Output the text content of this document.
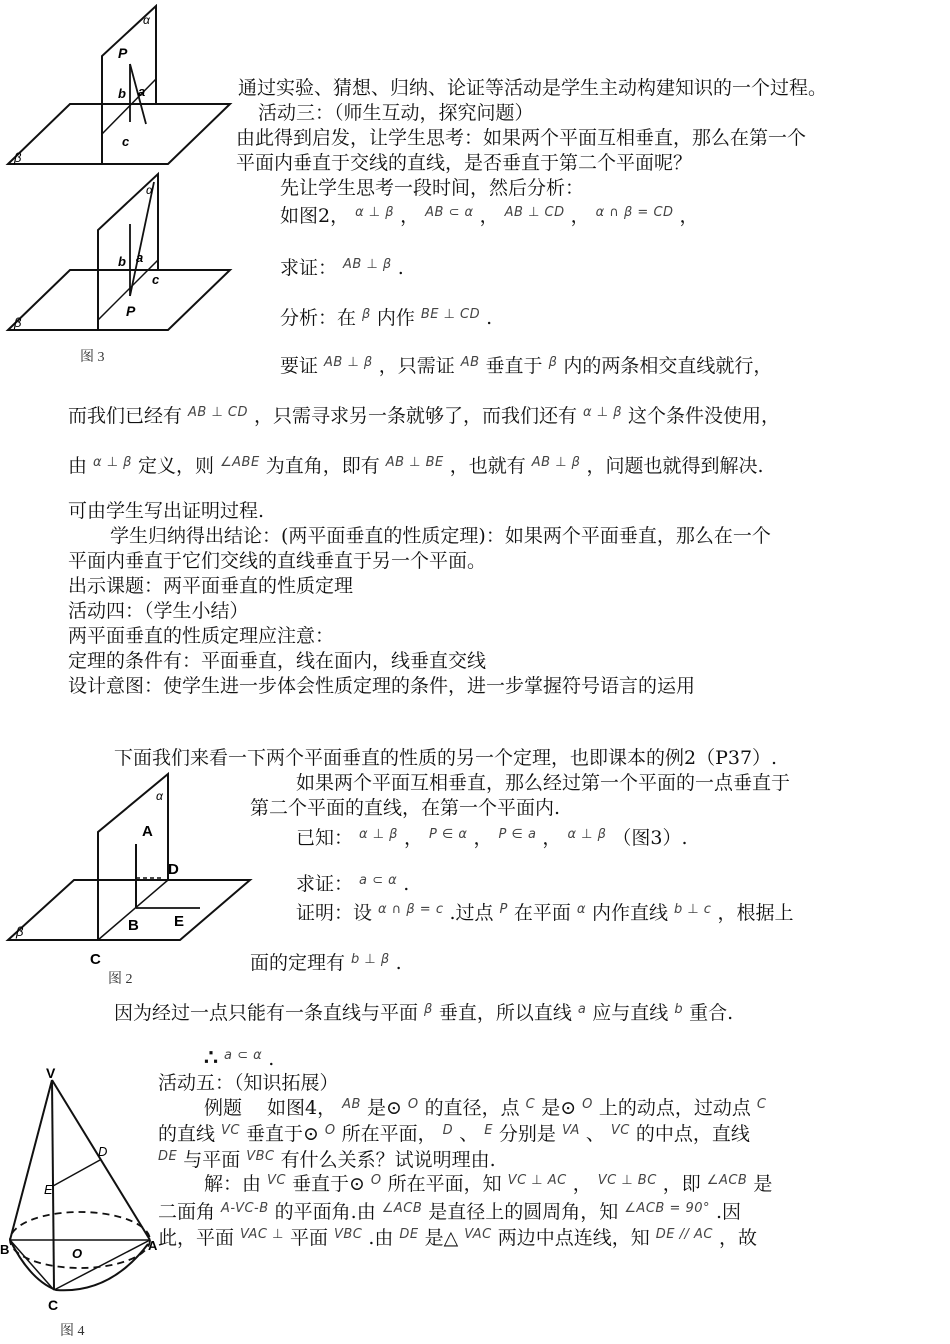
α
P
b a
c
β
α
b a
c
P
β
图 3
通过实验、猜想、归纳、论证等活动是学生主动构建知识的一个过程。
活动三：（师生互动，探究问题）
由此得到启发，让学生思考：如果两个平面互相垂直，那么在第一个
平面内垂直于交线的直线，是否垂直于第二个平面呢？
先让学生思考一段时间，然后分析：
如图2， $^{\alpha \perp \beta}$ ， $^{AB \subset \alpha}$ ， $^{AB \perp CD}$ ， $^{\alpha \cap \beta = CD}$ ，
求证： $^{AB \perp \beta}$ .
分析：在 $^\beta$ 内作 $^{BE \perp CD}$ .
要证 $^{AB \perp \beta}$ ，只需证 $^{AB}$ 垂直于 $^\beta$ 内的两条相交直线就行，
而我们已经有 $^{AB \perp CD}$ ，只需寻求另一条就够了，而我们还有 $^{\alpha \perp \beta}$ 这个条件没使用，
由 $^{\alpha \perp \beta}$ 定义，则 $^{\angle ABE}$ 为直角，即有 $^{AB \perp BE}$ ，也就有 $^{AB \perp \beta}$ ，问题也就得到解决.
可由学生写出证明过程.
学生归纳得出结论：(两平面垂直的性质定理)：如果两个平面垂直，那么在一个
平面内垂直于它们交线的直线垂直于另一个平面。
出示课题：两平面垂直的性质定理
活动四：（学生小结）
两平面垂直的性质定理应注意：
定理的条件有：平面垂直，线在面内，线垂直交线
设计意图：使学生进一步体会性质定理的条件，进一步掌握符号语言的运用
下面我们来看一下两个平面垂直的性质的另一个定理，也即课本的例2（P37）.
α
A
D
B E
C
β
图 2
如果两个平面互相垂直，那么经过第一个平面的一点垂直于
第二个平面的直线，在第一个平面内.
已知： $^{\alpha \perp \beta}$ ， $^{P \in \alpha}$ ， $^{P \in a}$ ， $^{\alpha \perp \beta}$ （图3）.
求证： $^{a \subset \alpha}$ .
证明：设 $^{\alpha \cap \beta = c}$ .过点 $^P$ 在平面 $^\alpha$ 内作直线 $^{b \perp c}$ ，根据上
面的定理有 $^{b \perp \beta}$ .
因为经过一点只能有一条直线与平面 $^\beta$ 垂直，所以直线 $^a$ 应与直线 $^b$ 重合.
V
D
E
B	O
A
C
图 4
∴ $^{a \subset \alpha}$ .
活动五：（知识拓展）
例题　 如图4， $^{AB}$ 是⊙ $^O$ 的直径，点 $^C$ 是⊙ $^O$ 上的动点，过动点 $^C$
的直线 $^{VC}$ 垂直于⊙ $^O$ 所在平面， $^D$ 、 $^E$ 分别是 $^{VA}$ 、 $^{VC}$ 的中点，直线
$^{DE}$ 与平面 $^{VBC}$ 有什么关系？试说明理由.
解：由 $^{VC}$ 垂直于⊙ $^O$ 所在平面，知 $^{VC \perp AC}$ ， $^{VC \perp BC}$ ，即 $^{\angle ACB}$ 是
二面角 $^{A-VC-B}$ 的平面角.由 $^{\angle ACB}$ 是直径上的圆周角，知 $^{\angle ACB = 90^\circ}$ .因
此，平面 $^{VAC \perp}$ 平面 $^{VBC}$ .由 $^{DE}$ 是△ $^{VAC}$ 两边中点连线，知 $^{DE // AC}$ ，故
